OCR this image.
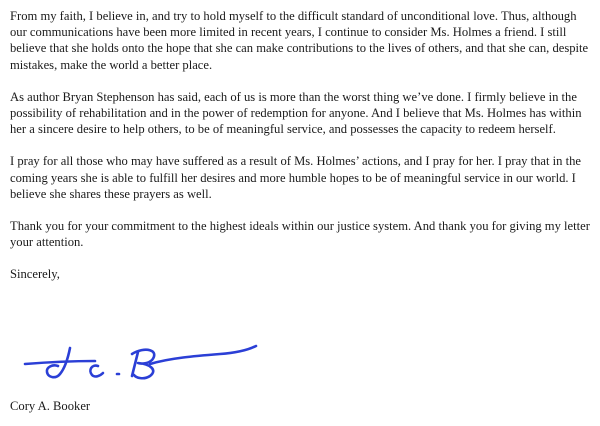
From my faith, I believe in, and try to hold myself to the difficult standard of unconditional love. Thus, although our communications have been more limited in recent years, I continue to consider Ms. Holmes a friend. I still believe that she holds onto the hope that she can make contributions to the lives of others, and that she can, despite mistakes, make the world a better place.

As author Bryan Stephenson has said, each of us is more than the worst thing we’ve done. I firmly believe in the possibility of rehabilitation and in the power of redemption for anyone. And I believe that Ms. Holmes has within her a sincere desire to help others, to be of meaningful service, and possesses the capacity to redeem herself.

I pray for all those who may have suffered as a result of Ms. Holmes’ actions, and I pray for her. I pray that in the coming years she is able to fulfill her desires and more humble hopes to be of meaningful service in our world. I believe she shares these prayers as well.

Thank you for your commitment to the highest ideals within our justice system. And thank you for giving my letter your attention.

Sincerely,

Cory A. Booker
